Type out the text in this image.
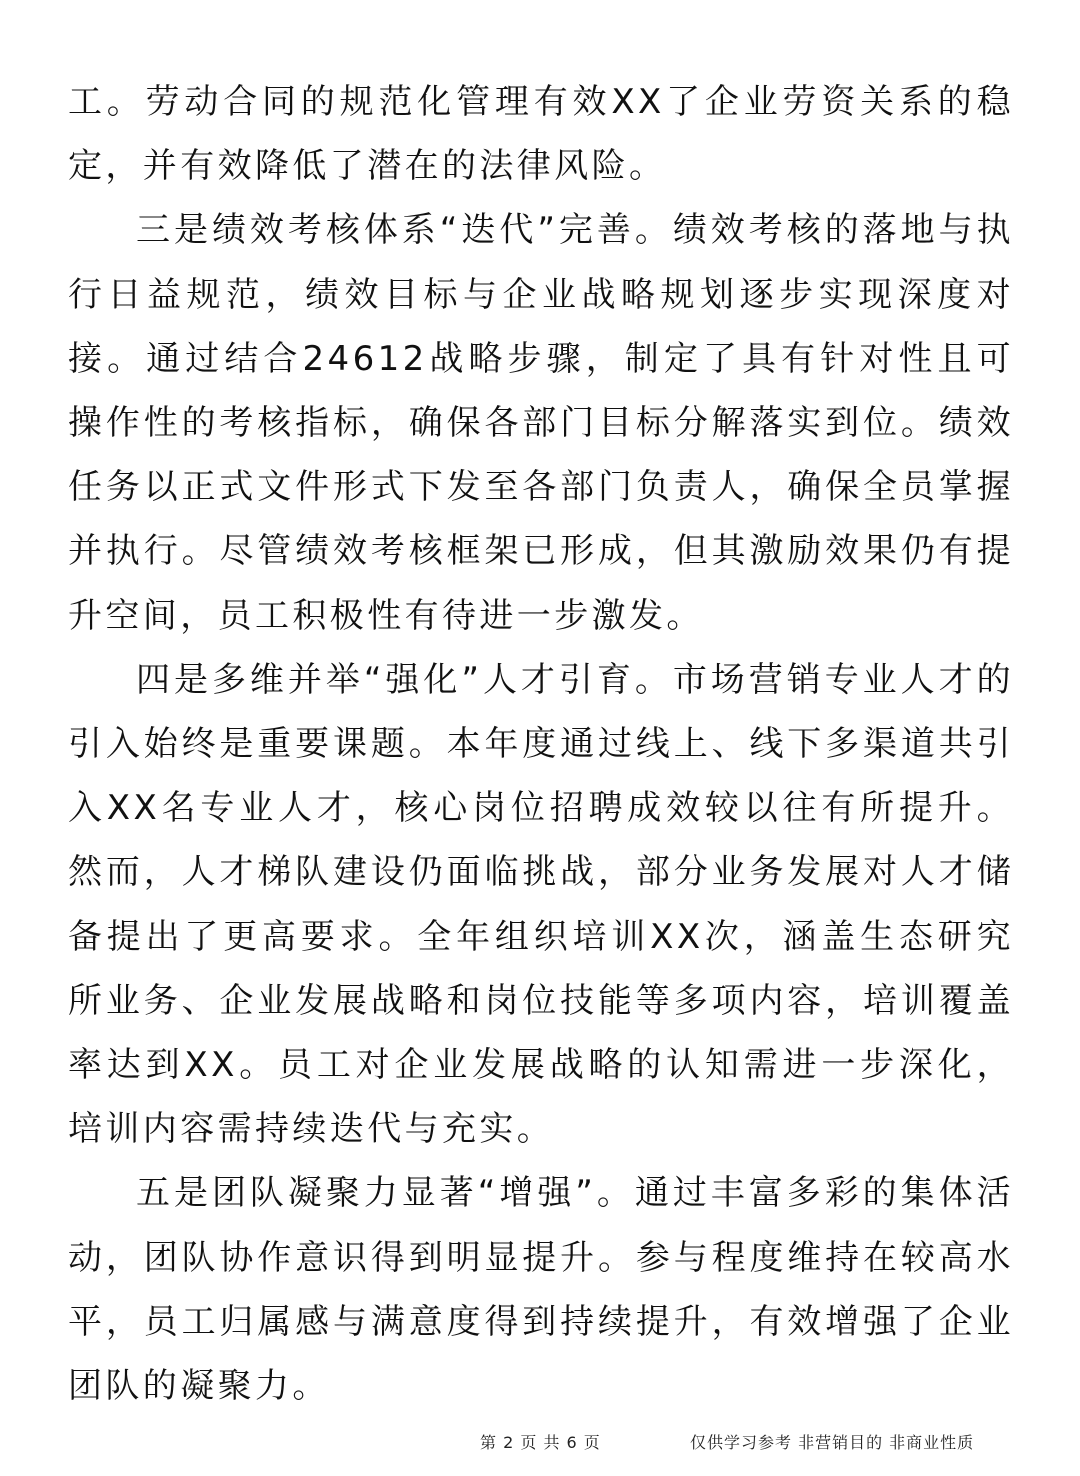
工。劳动合同的规范化管理有效XX了企业劳资关系的稳定，并有效降低了潜在的法律风险。

三是绩效考核体系“迭代”完善。绩效考核的落地与执行日益规范，绩效目标与企业战略规划逐步实现深度对接。通过结合24612战略步骤，制定了具有针对性且可操作性的考核指标，确保各部门目标分解落实到位。绩效任务以正式文件形式下发至各部门负责人，确保全员掌握并执行。尽管绩效考核框架已形成，但其激励效果仍有提升空间，员工积极性有待进一步激发。

四是多维并举“强化”人才引育。市场营销专业人才的引入始终是重要课题。本年度通过线上、线下多渠道共引入XX名专业人才，核心岗位招聘成效较以往有所提升。然而，人才梯队建设仍面临挑战，部分业务发展对人才储备提出了更高要求。全年组织培训XX次，涵盖生态研究所业务、企业发展战略和岗位技能等多项内容，培训覆盖率达到XX。员工对企业发展战略的认知需进一步深化，培训内容需持续迭代与充实。

五是团队凝聚力显著“增强”。通过丰富多彩的集体活动，团队协作意识得到明显提升。参与程度维持在较高水平，员工归属感与满意度得到持续提升，有效增强了企业团队的凝聚力。

第 2 页 共 6 页	仅供学习参考 非营销目的 非商业性质
